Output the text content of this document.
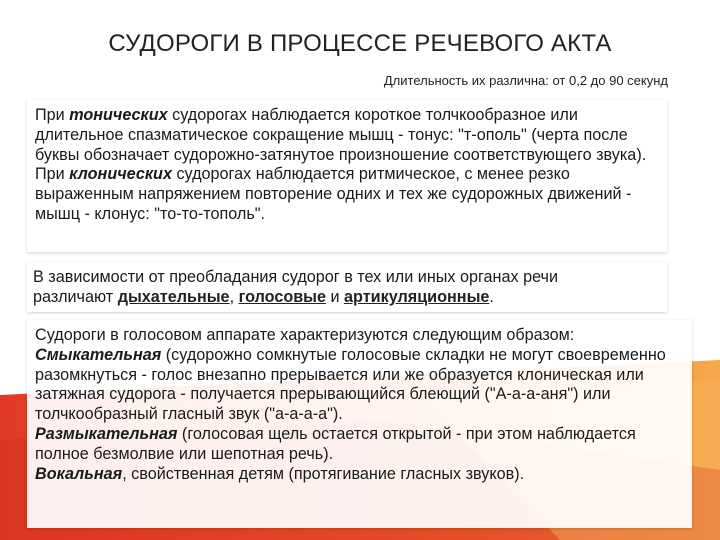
СУДОРОГИ В ПРОЦЕССЕ РЕЧЕВОГО АКТА
Длительность их различна: от 0,2 до 90 секунд

При тонических судорогах наблюдается короткое толчкообразное или длительное спазматическое сокращение мышц - тонус: "т-ополь" (черта после буквы обозначает судорожно-затянутое произношение соответствующего звука).

При клонических судорогах наблюдается ритмическое, с менее резко выраженным напряжением повторение одних и тех же судорожных движений - мышц - клонус: "то-то-тополь".

В зависимости от преобладания судорог в тех или иных органах речи
различают дыхательные, голосовые и артикуляционные.

Судороги в голосовом аппарате характеризуются следующим образом:

Смыкательная (судорожно сомкнутые голосовые складки не могут своевременно разомкнуться - голос внезапно прерывается или же образуется клоническая или затяжная судорога - получается прерывающийся блеющий ("А-а-а-аня") или толчкообразный гласный звук ("а-а-а-а").

Размыкательная (голосовая щель остается открытой - при этом наблюдается полное безмолвие или шепотная речь).

Вокальная, свойственная детям (протягивание гласных звуков).
